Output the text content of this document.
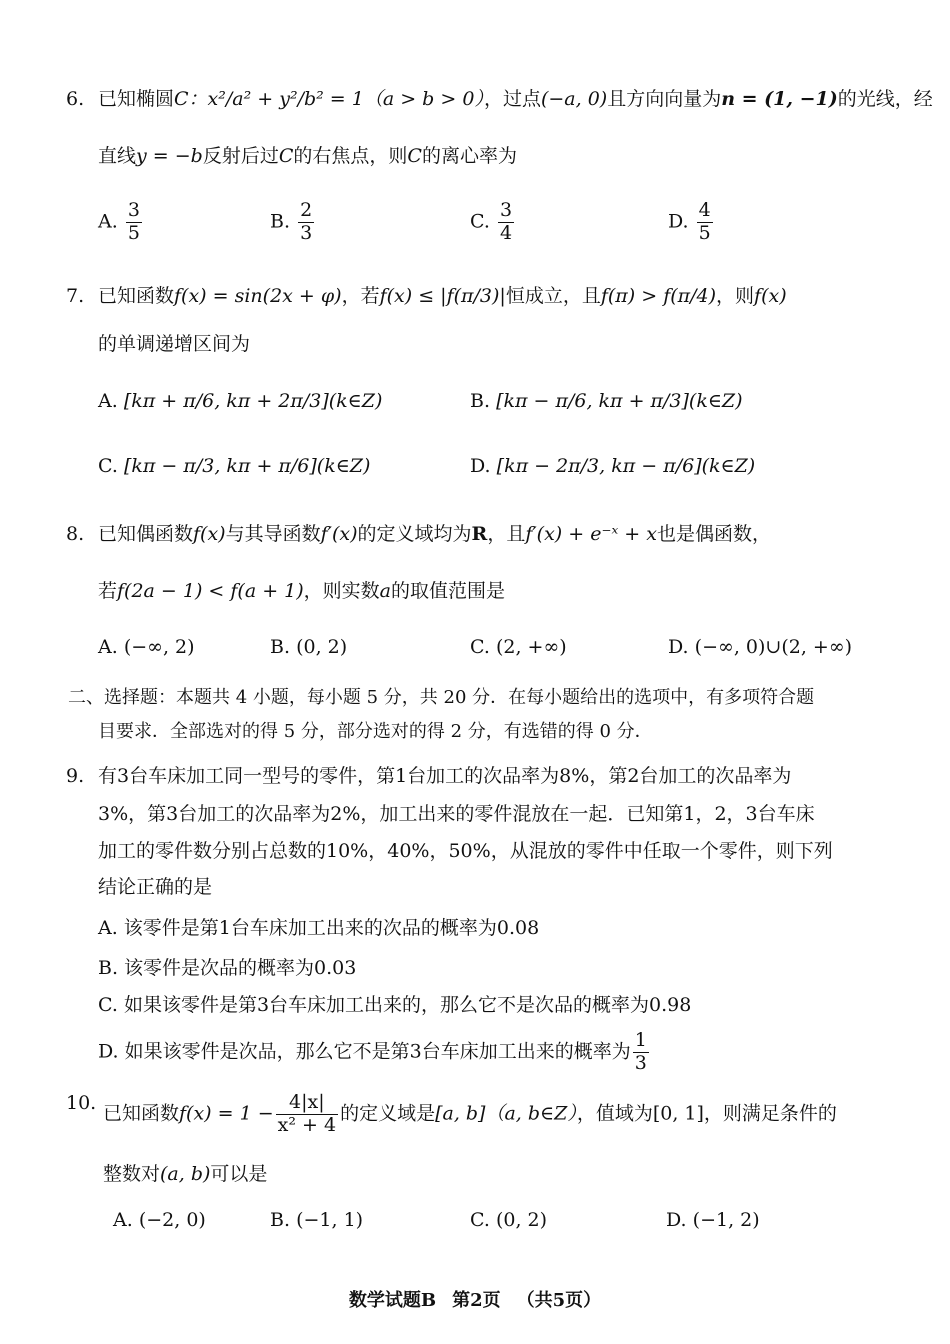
6. 已知椭圆C：x²/a² + y²/b² = 1（a > b > 0），过点(−a, 0)且方向向量为n = (1, −1)的光线，经
直线y = −b反射后过C的右焦点，则C的离心率为
A. $\frac{3}{5}$	B. $\frac{2}{3}$	C. $\frac{3}{4}$	D. $\frac{4}{5}$
7. 已知函数f(x) = sin(2x + φ)，若f(x) ≤ |f(π/3)|恒成立，且f(π) > f(π/4)，则f(x)
的单调递增区间为
A. [kπ + π/6, kπ + 2π/3](k∈Z)	B. [kπ − π/6, kπ + π/3](k∈Z)
C. [kπ − π/3, kπ + π/6](k∈Z)	D. [kπ − 2π/3, kπ − π/6](k∈Z)
8. 已知偶函数f(x)与其导函数f′(x)的定义域均为R，且f′(x) + e⁻ˣ + x也是偶函数，
若f(2a − 1) < f(a + 1)，则实数a的取值范围是
A. (−∞, 2)	B. (0, 2)	C. (2, +∞)	D. (−∞, 0)∪(2, +∞)
二、选择题：本题共 4 小题，每小题 5 分，共 20 分．在每小题给出的选项中，有多项符合题
目要求．全部选对的得 5 分，部分选对的得 2 分，有选错的得 0 分．
9. 有3台车床加工同一型号的零件，第1台加工的次品率为8%，第2台加工的次品率为
3%，第3台加工的次品率为2%，加工出来的零件混放在一起．已知第1，2，3台车床
加工的零件数分别占总数的10%，40%，50%，从混放的零件中任取一个零件，则下列
结论正确的是
A. 该零件是第1台车床加工出来的次品的概率为0.08
B. 该零件是次品的概率为0.03
C. 如果该零件是第3台车床加工出来的，那么它不是次品的概率为0.98
D. 如果该零件是次品，那么它不是第3台车床加工出来的概率为 $\frac{1}{3}$
10. 已知函数$f(x) = 1 - \frac{4|x|}{\text{x² + 4}}$ 的定义域是[a, b]（a, b∈Z），值域为[0, 1]，则满足条件的
整数对(a, b)可以是
A. (−2, 0)	B. (−1, 1)	C. (0, 2)	D. (−1, 2)
数学试题B 第2页 （共5页）
